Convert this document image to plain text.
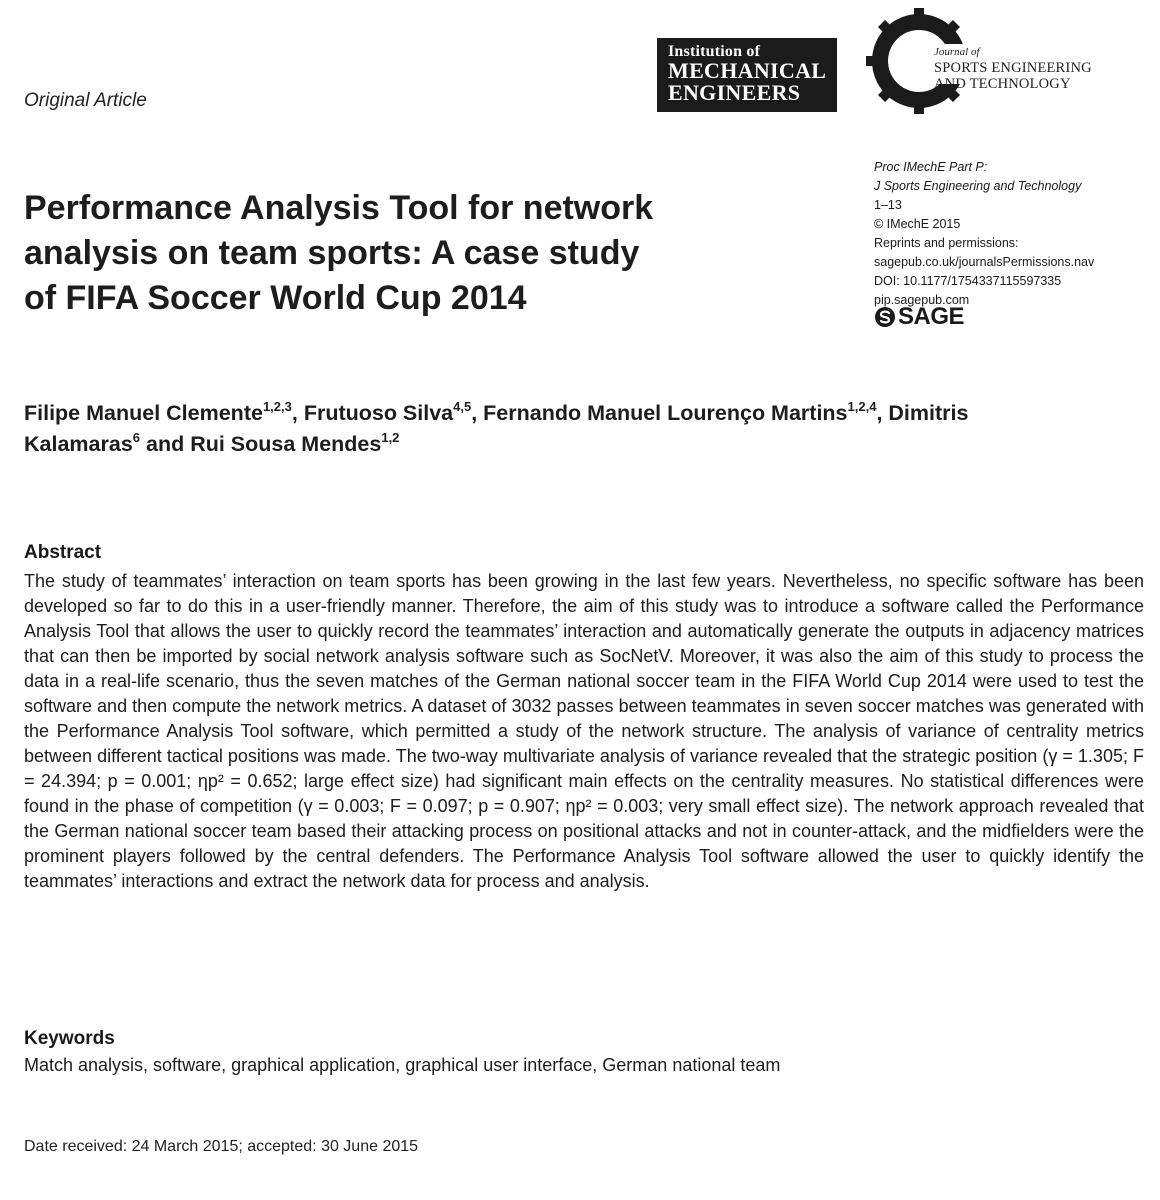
Original Article
Institution of
MECHANICAL
ENGINEERS
Journal of
SPORTS ENGINEERING
AND TECHNOLOGY
Proc IMechE Part P:
J Sports Engineering and Technology
1–13
© IMechE 2015
Reprints and permissions:
sagepub.co.uk/journalsPermissions.nav
DOI: 10.1177/1754337115597335
pip.sagepub.com
SAGE
Performance Analysis Tool for network
analysis on team sports: A case study
of FIFA Soccer World Cup 2014
Filipe Manuel Clemente$^{1,2,3}$, Frutuoso Silva$^{4,5}$, Fernando Manuel Lourenço Martins$^{1,2,4}$, Dimitris Kalamaras$^6$ and Rui Sousa Mendes$^{1,2}$
Abstract

The study of teammates’ interaction on team sports has been growing in the last few years. Nevertheless, no specific software has been developed so far to do this in a user-friendly manner. Therefore, the aim of this study was to introduce a software called the Performance Analysis Tool that allows the user to quickly record the teammates’ interaction and automatically generate the outputs in adjacency matrices that can then be imported by social network analysis software such as SocNetV. Moreover, it was also the aim of this study to process the data in a real-life scenario, thus the seven matches of the German national soccer team in the FIFA World Cup 2014 were used to test the software and then compute the network metrics. A dataset of 3032 passes between teammates in seven soccer matches was generated with the Performance Analysis Tool software, which permitted a study of the network structure. The analysis of variance of centrality metrics between different tactical positions was made. The two-way multivariate analysis of variance revealed that the strategic position (γ = 1.305; F = 24.394; p = 0.001; ηp² = 0.652; large effect size) had significant main effects on the centrality measures. No statistical differences were found in the phase of competition (γ = 0.003; F = 0.097; p = 0.907; ηp² = 0.003; very small effect size). The network approach revealed that the German national soccer team based their attacking process on positional attacks and not in counter-attack, and the midfielders were the prominent players followed by the central defenders. The Performance Analysis Tool software allowed the user to quickly identify the teammates’ interactions and extract the network data for process and analysis.

Keywords
Match analysis, software, graphical application, graphical user interface, German national team
Date received: 24 March 2015; accepted: 30 June 2015
